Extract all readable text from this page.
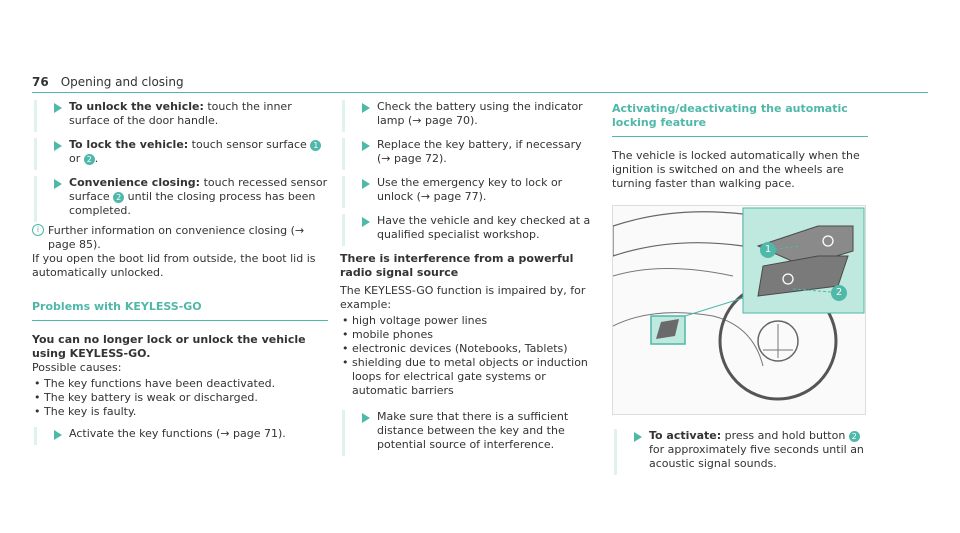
76 Opening and closing
To unlock the vehicle: touch the inner surface of the door handle.
To lock the vehicle: touch sensor surface 1 or 2 .
Convenience closing: touch recessed sensor surface 2 until the closing process has been completed.
i Further information on convenience closing (→ page 85).
If you open the boot lid from outside, the boot lid is automatically unlocked.
Problems with KEYLESS-GO
You can no longer lock or unlock the vehicle using KEYLESS-GO.
Possible causes:
• The key functions have been deactivated.
• The key battery is weak or discharged.
• The key is faulty.
Activate the key functions (→ page 71).
Check the battery using the indicator lamp (→ page 70).
Replace the key battery, if necessary (→ page 72).
Use the emergency key to lock or unlock (→ page 77).
Have the vehicle and key checked at a qualified specialist workshop.
There is interference from a powerful radio signal source
The KEYLESS-GO function is impaired by, for example:
• high voltage power lines
• mobile phones
• electronic devices (Notebooks, Tablets)
• shielding due to metal objects or induction loops for electrical gate systems or automatic barriers
Make sure that there is a sufficient distance between the key and the potential source of interference.
Activating/deactivating the automatic locking feature
The vehicle is locked automatically when the ignition is switched on and the wheels are turning faster than walking pace.
1
2
To activate: press and hold button 2 for approximately five seconds until an acoustic signal sounds.
